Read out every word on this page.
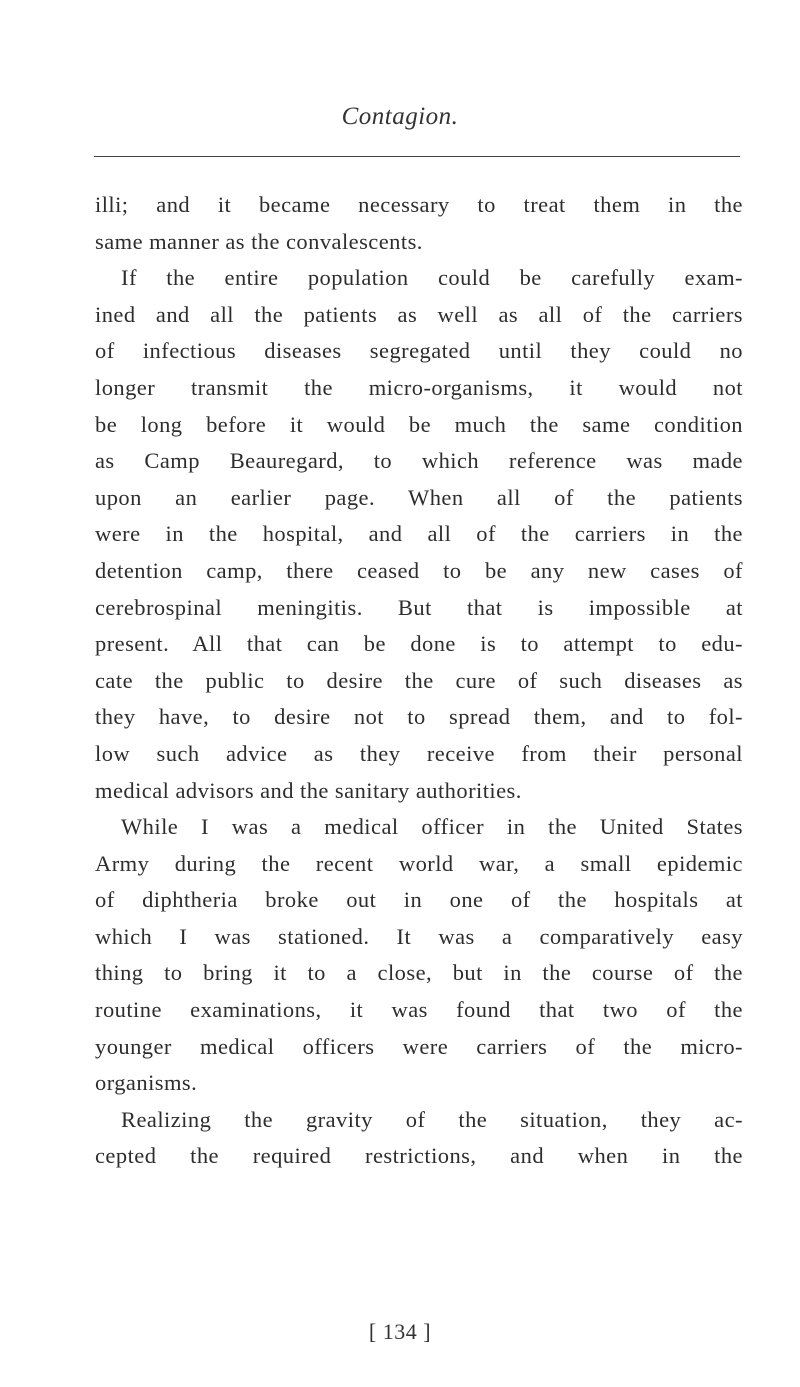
Contagion.
illi; and it became necessary to treat them in the
same manner as the convalescents.
If the entire population could be carefully exam-
ined and all the patients as well as all of the carriers
of infectious diseases segregated until they could no
longer transmit the micro-organisms, it would not
be long before it would be much the same condition
as Camp Beauregard, to which reference was made
upon an earlier page. When all of the patients
were in the hospital, and all of the carriers in the
detention camp, there ceased to be any new cases of
cerebrospinal meningitis. But that is impossible at
present. All that can be done is to attempt to edu-
cate the public to desire the cure of such diseases as
they have, to desire not to spread them, and to fol-
low such advice as they receive from their personal
medical advisors and the sanitary authorities.
While I was a medical officer in the United States
Army during the recent world war, a small epidemic
of diphtheria broke out in one of the hospitals at
which I was stationed. It was a comparatively easy
thing to bring it to a close, but in the course of the
routine examinations, it was found that two of the
younger medical officers were carriers of the micro-
organisms.
Realizing the gravity of the situation, they ac-
cepted the required restrictions, and when in the
[ 134 ]
